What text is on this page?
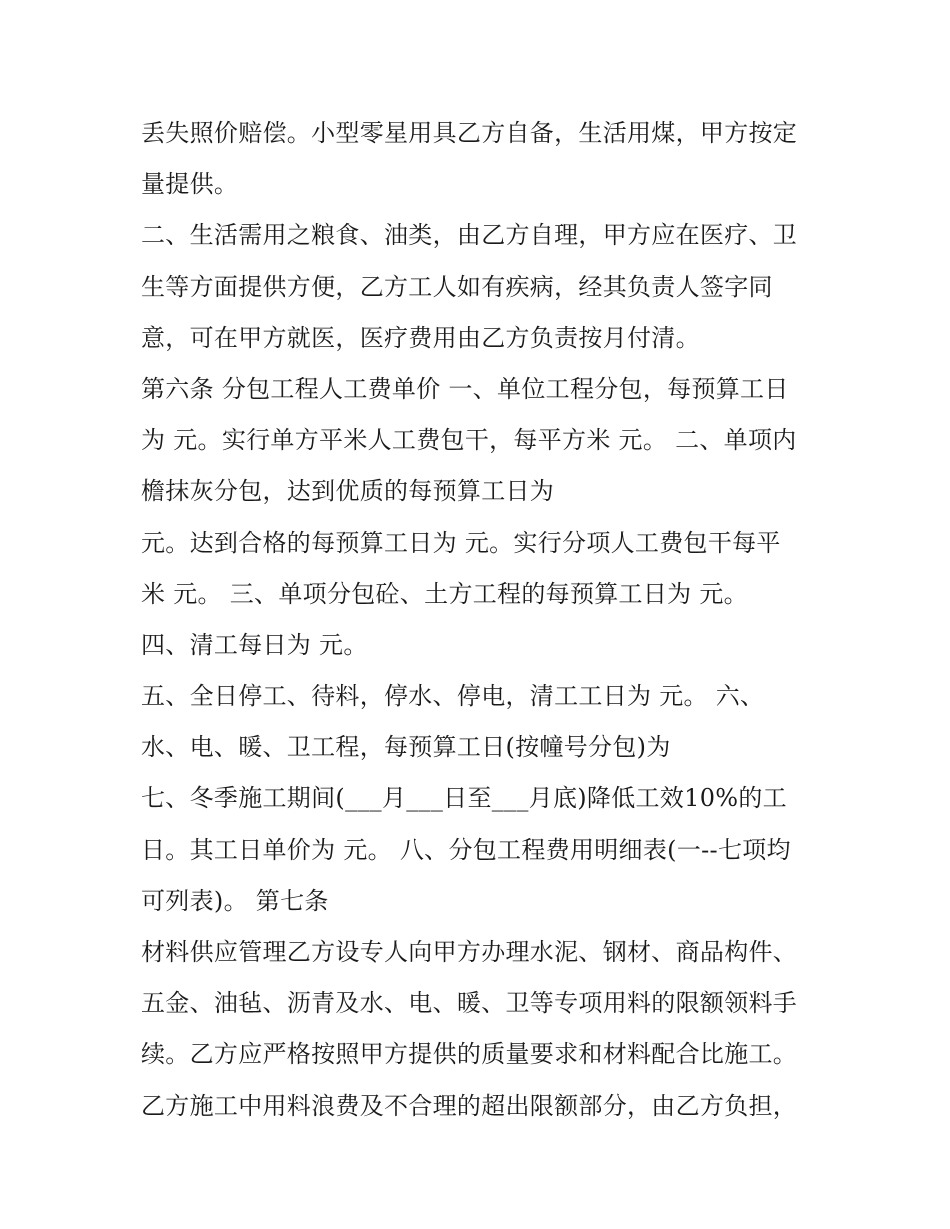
丢失照价赔偿。小型零星用具乙方自备，生活用煤，甲方按定
量提供。
二、生活需用之粮食、油类，由乙方自理，甲方应在医疗、卫
生等方面提供方便，乙方工人如有疾病，经其负责人签字同
意，可在甲方就医，医疗费用由乙方负责按月付清。
第六条 分包工程人工费单价 一、单位工程分包，每预算工日
为 元。实行单方平米人工费包干，每平方米 元。 二、单项内
檐抹灰分包，达到优质的每预算工日为
元。达到合格的每预算工日为 元。实行分项人工费包干每平
米 元。 三、单项分包砼、土方工程的每预算工日为 元。
四、清工每日为 元。
五、全日停工、待料，停水、停电，清工工日为 元。 六、
水、电、暖、卫工程，每预算工日(按幢号分包)为
七、冬季施工期间(___月___日至___月底)降低工效10%的工
日。其工日单价为 元。 八、分包工程费用明细表(一--七项均
可列表)。 第七条
材料供应管理乙方设专人向甲方办理水泥、钢材、商品构件、
五金、油毡、沥青及水、电、暖、卫等专项用料的限额领料手
续。乙方应严格按照甲方提供的质量要求和材料配合比施工。
乙方施工中用料浪费及不合理的超出限额部分，由乙方负担，
